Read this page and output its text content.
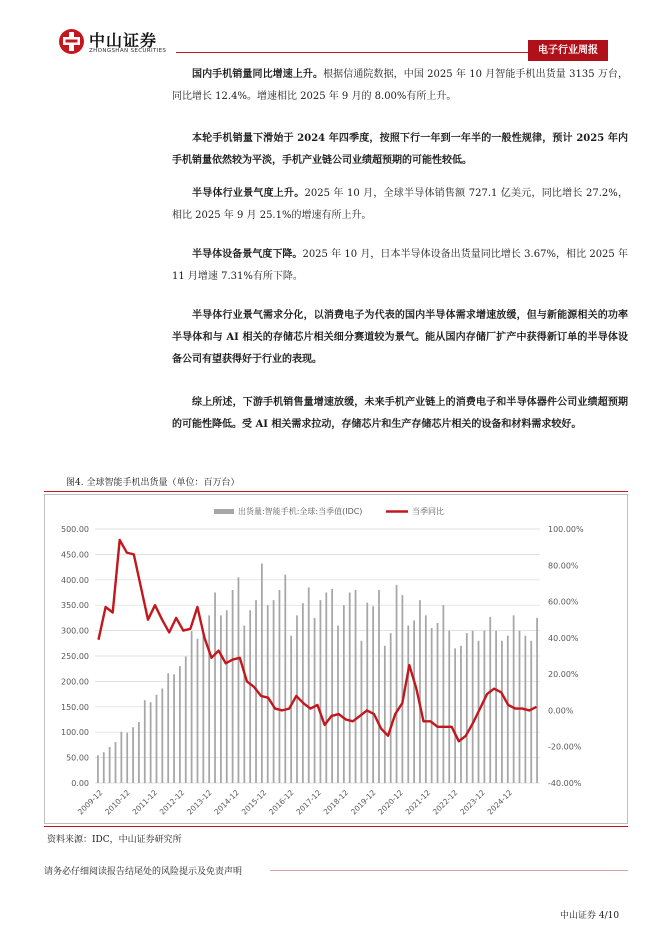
中山证券
ZHONGSHAN SECURITIES	电子行业周报

国内手机销量同比增速上升。根据信通院数据，中国 2025 年 10 月智能手机出货量 3135 万台，同比增长 12.4%。增速相比 2025 年 9 月的 8.00%有所上升。

本轮手机销量下滑始于 2024 年四季度，按照下行一年到一年半的一般性规律，预计 2025 年内手机销量依然较为平淡，手机产业链公司业绩超预期的可能性较低。

半导体行业景气度上升。2025 年 10 月，全球半导体销售额 727.1 亿美元，同比增长 27.2%，相比 2025 年 9 月 25.1%的增速有所上升。

半导体设备景气度下降。2025 年 10 月，日本半导体设备出货量同比增长 3.67%，相比 2025 年 11 月增速 7.31%有所下降。

半导体行业景气需求分化，以消费电子为代表的国内半导体需求增速放缓，但与新能源相关的功率半导体和与 AI 相关的存储芯片相关细分赛道较为景气。能从国内存储厂扩产中获得新订单的半导体设备公司有望获得好于行业的表现。

综上所述，下游手机销售量增速放缓，未来手机产业链上的消费电子和半导体器件公司业绩超预期的可能性降低。受 AI 相关需求拉动，存储芯片和生产存储芯片相关的设备和材料需求较好。

图4. 全球智能手机出货量（单位：百万台）
0.00
50.00
100.00
150.00
200.00
250.00
300.00
350.00
400.00
450.00
500.00
-40.00%
-20.00%
0.00%
20.00%
40.00%
60.00%
80.00%
100.00%
2009-12
2010-12
2011-12
2012-12
2013-12
2014-12
2015-12
2016-12
2017-12
2018-12
2019-12
2020-12
2021-12
2022-12
2023-12
2024-12
出货量:智能手机:全球:当季值(IDC)	当季同比
资料来源：IDC，中山证券研究所
请务必仔细阅读报告结尾处的风险提示及免责声明
中山证券 4/10
